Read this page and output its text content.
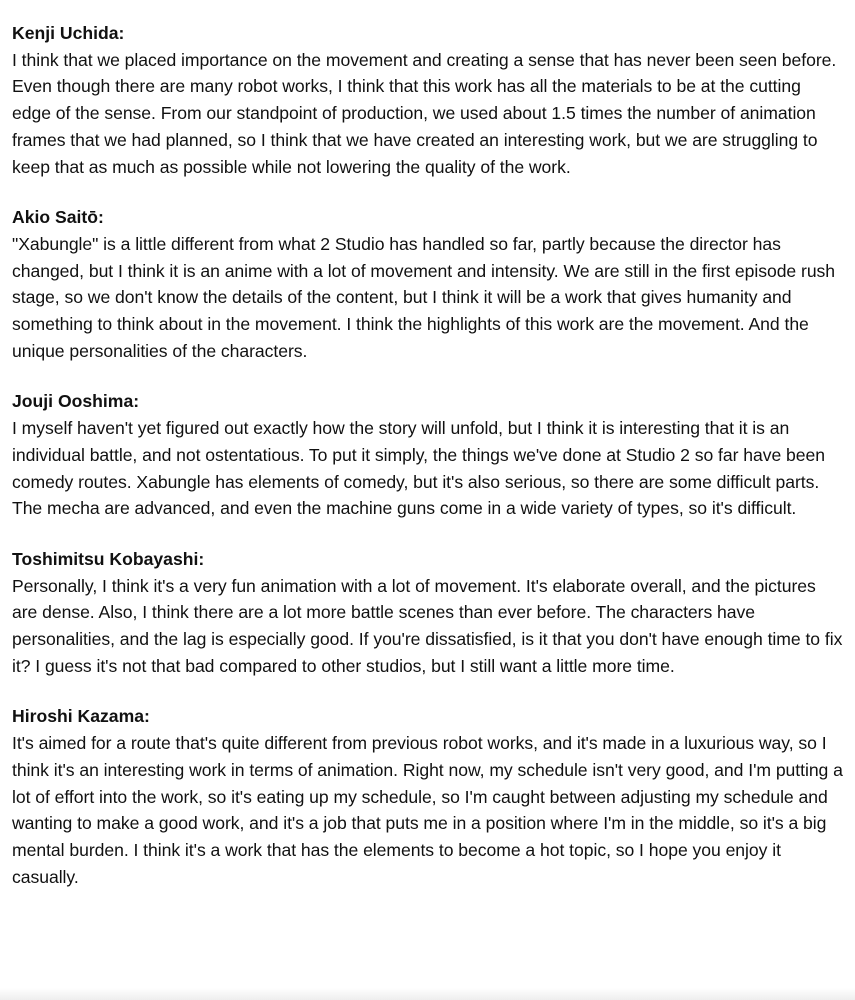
Kenji Uchida:

I think that we placed importance on the movement and creating a sense that has never been seen before. Even though there are many robot works, I think that this work has all the materials to be at the cutting edge of the sense. From our standpoint of production, we used about 1.5 times the number of animation frames that we had planned, so I think that we have created an interesting work, but we are struggling to keep that as much as possible while not lowering the quality of the work.

Akio Saitō:

"Xabungle" is a little different from what 2 Studio has handled so far, partly because the director has changed, but I think it is an anime with a lot of movement and intensity. We are still in the first episode rush stage, so we don't know the details of the content, but I think it will be a work that gives humanity and something to think about in the movement. I think the highlights of this work are the movement. And the unique personalities of the characters.

Jouji Ooshima:

I myself haven't yet figured out exactly how the story will unfold, but I think it is interesting that it is an individual battle, and not ostentatious. To put it simply, the things we've done at Studio 2 so far have been comedy routes. Xabungle has elements of comedy, but it's also serious, so there are some difficult parts. The mecha are advanced, and even the machine guns come in a wide variety of types, so it's difficult.

Toshimitsu Kobayashi:

Personally, I think it's a very fun animation with a lot of movement. It's elaborate overall, and the pictures are dense. Also, I think there are a lot more battle scenes than ever before. The characters have personalities, and the lag is especially good. If you're dissatisfied, is it that you don't have enough time to fix it? I guess it's not that bad compared to other studios, but I still want a little more time.

Hiroshi Kazama:

It's aimed for a route that's quite different from previous robot works, and it's made in a luxurious way, so I think it's an interesting work in terms of animation. Right now, my schedule isn't very good, and I'm putting a lot of effort into the work, so it's eating up my schedule, so I'm caught between adjusting my schedule and wanting to make a good work, and it's a job that puts me in a position where I'm in the middle, so it's a big mental burden. I think it's a work that has the elements to become a hot topic, so I hope you enjoy it casually.
